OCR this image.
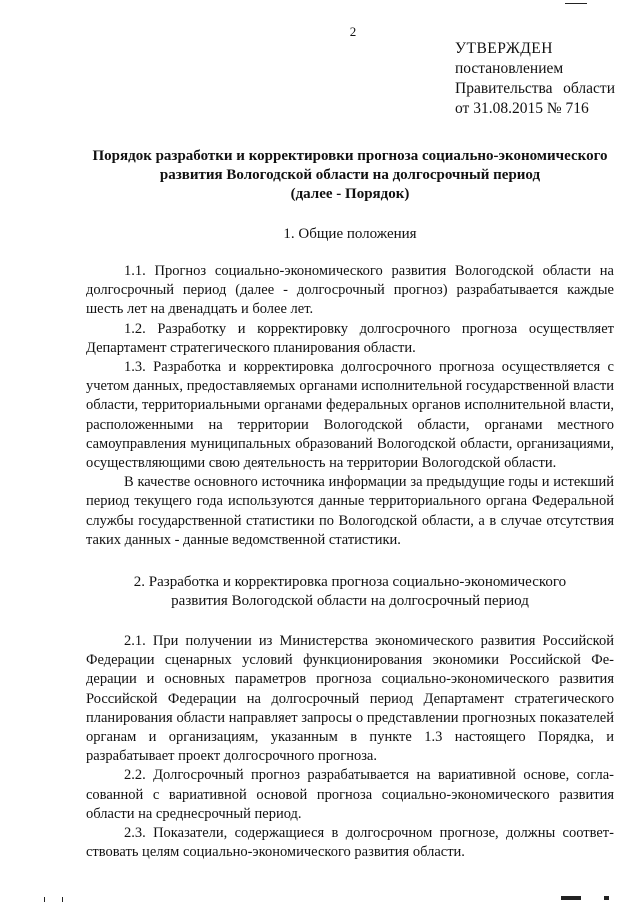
2
УТВЕРЖДЕН
постановлением
Правительства области
от 31.08.2015 № 716
Порядок разработки и корректировки прогноза социально-экономического
развития Вологодской области на долгосрочный период
(далее - Порядок)
1. Общие положения

1.1. Прогноз социально-экономического развития Вологодской области на долгосрочный период (далее - долгосрочный прогноз) разрабатывается каждые шесть лет на двенадцать и более лет.

1.2. Разработку и корректировку долгосрочного прогноза осуществляет Департамент стратегического планирования области.

1.3. Разработка и корректировка долгосрочного прогноза осуществляется с учетом данных, предоставляемых органами исполнительной государственной власти области, территориальными органами федеральных органов исполнительной власти, расположенными на территории Вологодской области, органами местного самоуправления муниципальных образований Вологодской области, организациями, осуществляющими свою деятельность на территории Вологодской области.

В качестве основного источника информации за предыдущие годы и истекший период текущего года используются данные территориального органа Федеральной службы государственной статистики по Вологодской области, а в случае отсутствия таких данных - данные ведомственной статистики.

2. Разработка и корректировка прогноза социально-экономического
развития Вологодской области на долгосрочный период

2.1. При получении из Министерства экономического развития Российской Федерации сценарных условий функционирования экономики Российской Федерации и основных параметров прогноза социально-экономического развития Российской Федерации на долгосрочный период Департамент стратегического планирования области направляет запросы о представлении прогнозных показателей органам и организациям, указанным в пункте 1.3 настоящего Порядка, и разрабатывает проект долгосрочного прогноза.

2.2. Долгосрочный прогноз разрабатывается на вариативной основе, согласованной с вариативной основой прогноза социально-экономического развития области на среднесрочный период.

2.3. Показатели, содержащиеся в долгосрочном прогнозе, должны соответствовать целям социально-экономического развития области.
